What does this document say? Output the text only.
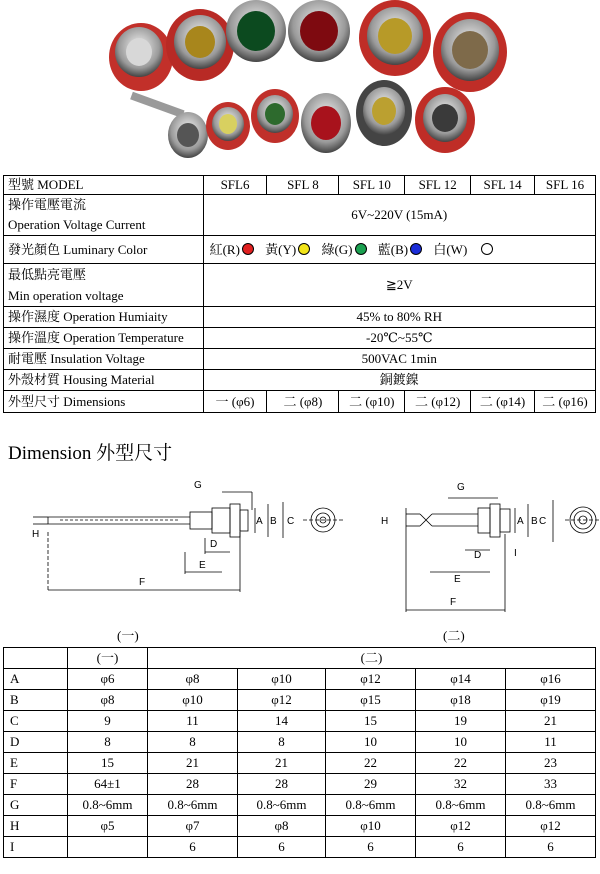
型號 MODEL	SFL6	SFL 8	SFL 10	SFL 12	SFL 14	SFL 16

操作電壓電流
Operation Voltage Current	6V~220V (15mA)					
發光顏色 Luminary Color	紅(R) 黃(Y) 綠(G) 藍(B) 白(W)					

最低點亮電壓
Min operation voltage	≧2V					
操作濕度 Operation Humiaity	45% to 80% RH					
操作溫度 Operation Temperature	-20℃~55℃					
耐電壓 Insulation Voltage	500VAC 1min					
外殼材質 Housing Material	銅鍍鎳					
外型尺寸 Dimensions	一 (φ6)	二 (φ8)	二 (φ10)	二 (φ12)	二 (φ14)	二 (φ16)
Dimension 外型尺寸
G
H
D
E
F
A B C
G
H
D
E
F
A B C
I
(一)	(二)
	(一)	(二)				
A	φ6	φ8	φ10	φ12	φ14	φ16
B	φ8	φ10	φ12	φ15	φ18	φ19
C	9	11	14	15	19	21
D	8	8	8	10	10	11
E	15	21	21	22	22	23
F	64±1	28	28	29	32	33
G	0.8~6mm	0.8~6mm	0.8~6mm	0.8~6mm	0.8~6mm	0.8~6mm
H	φ5	φ7	φ8	φ10	φ12	φ12
I		6	6	6	6	6
